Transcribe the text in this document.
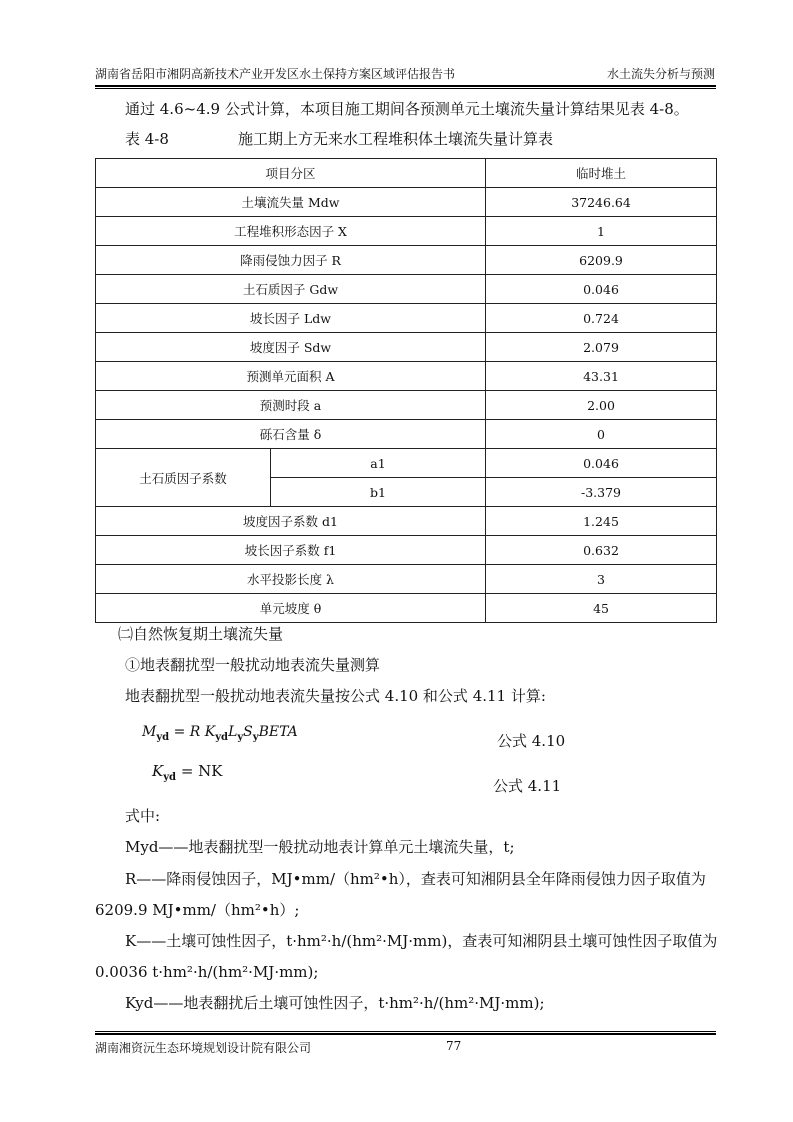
湖南省岳阳市湘阴高新技术产业开发区水土保持方案区域评估报告书	水土流失分析与预测
通过 4.6~4.9 公式计算，本项目施工期间各预测单元土壤流失量计算结果见表 4-8。
表 4-8	施工期上方无来水工程堆积体土壤流失量计算表
项目分区		临时堆土
土壤流失量 Mdw		37246.64
工程堆积形态因子 X		1
降雨侵蚀力因子 R		6209.9
土石质因子 Gdw		0.046
坡长因子 Ldw		0.724
坡度因子 Sdw		2.079
预测单元面积 A		43.31
预测时段 a		2.00
砾石含量 δ		0
土石质因子系数	a1	0.046
	b1	-3.379
坡度因子系数 d1		1.245
坡长因子系数 f1		0.632
水平投影长度 λ		3
单元坡度 θ		45
㈡自然恢复期土壤流失量
①地表翻扰型一般扰动地表流失量测算
地表翻扰型一般扰动地表流失量按公式 4.10 和公式 4.11 计算:
$M_{yd} = R$ $K_{yd}L_yS_yBETA$	公式 4.10
$K_{yd}$ = NK
公式 4.11
式中:
Myd——地表翻扰型一般扰动地表计算单元土壤流失量，t;
R——降雨侵蚀因子，MJ•mm/（hm²•h），查表可知湘阴县全年降雨侵蚀力因子取值为
6209.9 MJ•mm/（hm²•h）;
K——土壤可蚀性因子，t·hm²·h/(hm²·MJ·mm)，查表可知湘阴县土壤可蚀性因子取值为
0.0036 t·hm²·h/(hm²·MJ·mm);
Kyd——地表翻扰后土壤可蚀性因子，t·hm²·h/(hm²·MJ·mm);
湖南湘资沅生态环境规划设计院有限公司	77
